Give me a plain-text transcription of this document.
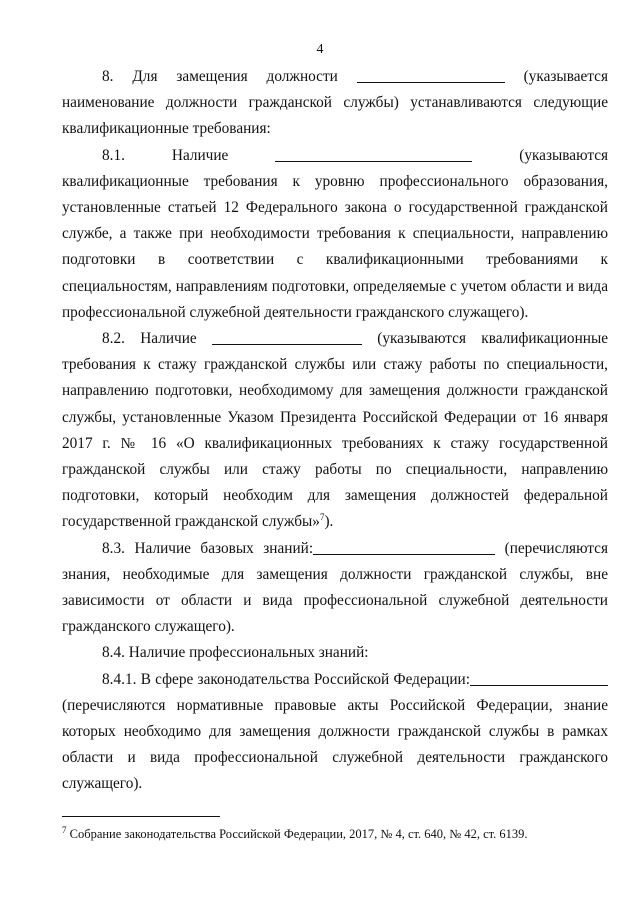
4

8. Для замещения должности	(указывается наименование должности гражданской службы) устанавливаются следующие квалификационные требования:

8.1.	Наличие	(указываются квалификационные требования к уровню профессионального образования, установленные статьей 12 Федерального закона о государственной гражданской службе, а также при необходимости требования к специальности, направлению подготовки в соответствии с квалификационными требованиями к специальностям, направлениям подготовки, определяемые с учетом области и вида профессиональной служебной деятельности гражданского служащего).

8.2. Наличие	(указываются квалификационные требования к стажу гражданской службы или стажу работы по специальности, направлению подготовки, необходимому для замещения должности гражданской службы, установленные Указом Президента Российской Федерации от 16 января 2017 г. № 16 «О квалификационных требованиях к стажу государственной гражданской службы или стажу работы по специальности, направлению подготовки, который необходим для замещения должностей федеральной государственной гражданской службы»$^7$).

8.3. Наличие базовых знаний:	(перечисляются знания, необходимые для замещения должности гражданской службы, вне зависимости от области и вида профессиональной служебной деятельности гражданского служащего).

8.4. Наличие профессиональных знаний:

8.4.1. В сфере законодательства Российской Федерации: (перечисляются нормативные правовые акты Российской Федерации, знание которых необходимо для замещения должности гражданской службы в рамках области и вида профессиональной служебной деятельности гражданского служащего).

$^7$ Собрание законодательства Российской Федерации, 2017, № 4, ст. 640, № 42, ст. 6139.
